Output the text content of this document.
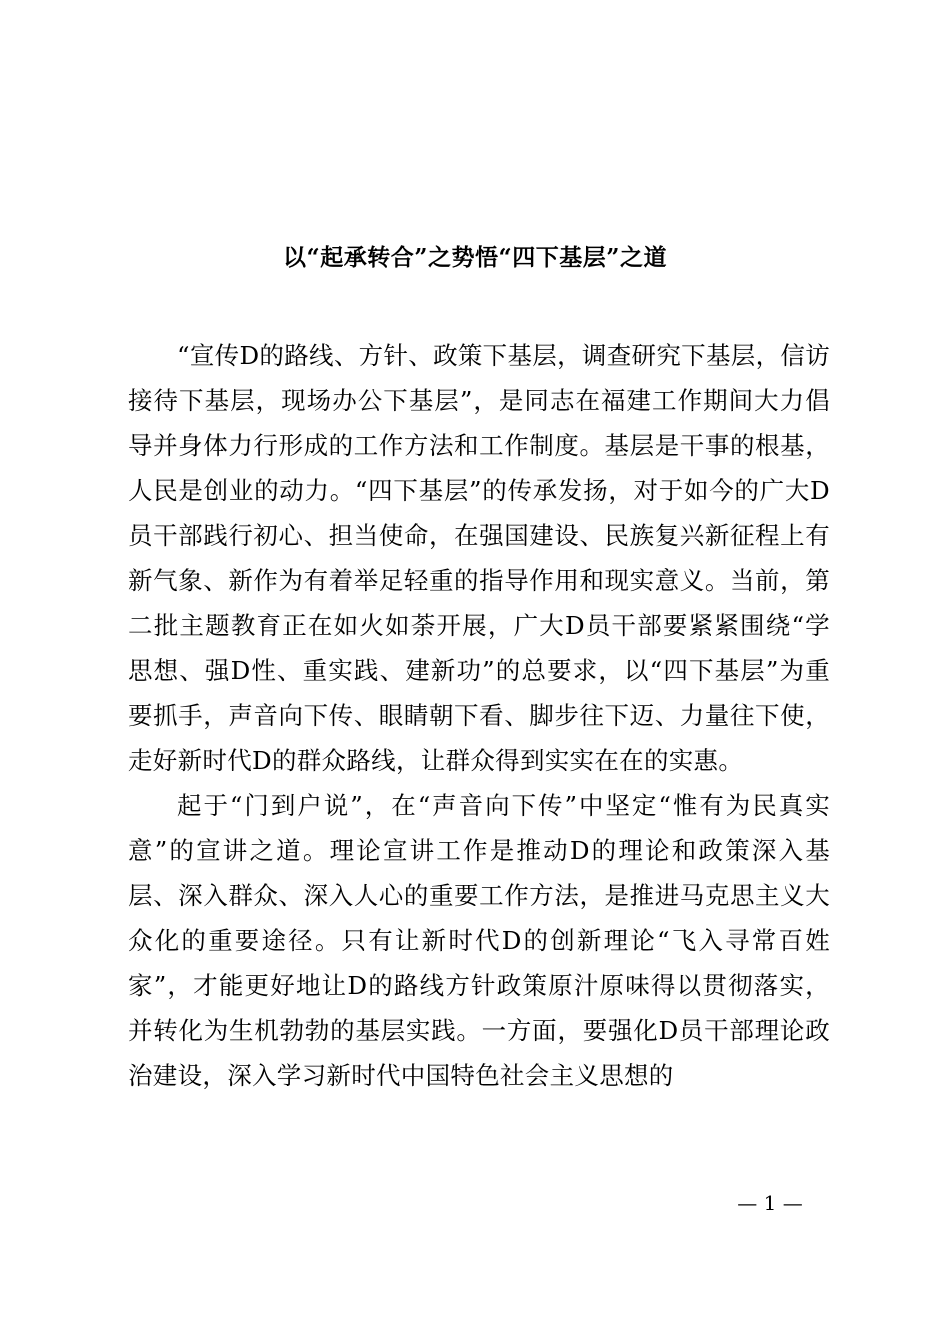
以“起承转合”之势悟“四下基层”之道

“宣传D的路线、方针、政策下基层，调查研究下基层，信访接待下基层，现场办公下基层”，是同志在福建工作期间大力倡导并身体力行形成的工作方法和工作制度。基层是干事的根基，人民是创业的动力。“四下基层”的传承发扬，对于如今的广大D员干部践行初心、担当使命，在强国建设、民族复兴新征程上有新气象、新作为有着举足轻重的指导作用和现实意义。当前，第二批主题教育正在如火如荼开展，广大D员干部要紧紧围绕“学思想、强D性、重实践、建新功”的总要求，以“四下基层”为重要抓手，声音向下传、眼睛朝下看、脚步往下迈、力量往下使，走好新时代D的群众路线，让群众得到实实在在的实惠。

起于“门到户说”，在“声音向下传”中坚定“惟有为民真实意”的宣讲之道。理论宣讲工作是推动D的理论和政策深入基层、深入群众、深入人心的重要工作方法，是推进马克思主义大众化的重要途径。只有让新时代D的创新理论“飞入寻常百姓家”，才能更好地让D的路线方针政策原汁原味得以贯彻落实，并转化为生机勃勃的基层实践。一方面，要强化D员干部理论政治建设，深入学习新时代中国特色社会主义思想的

— 1 —
